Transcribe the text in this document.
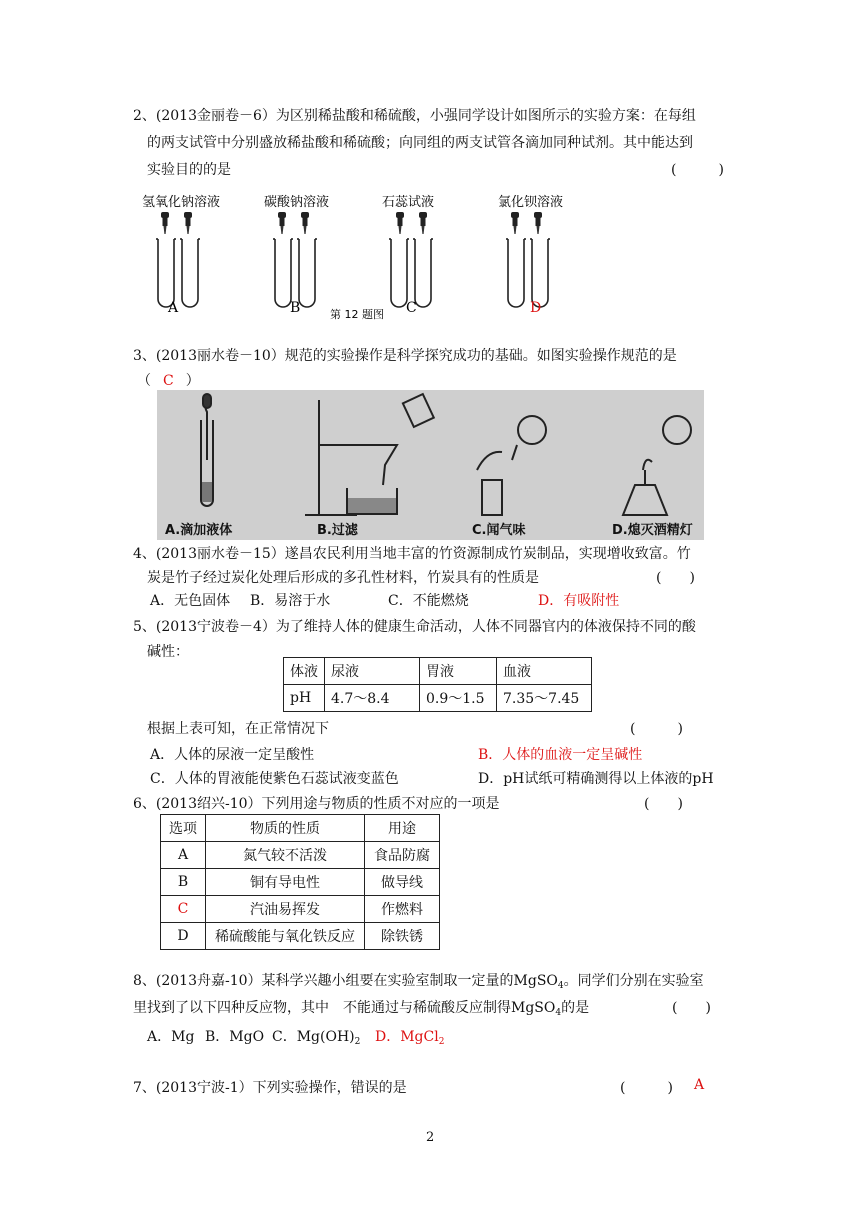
2、(2013金丽卷－6）为区别稀盐酸和稀硫酸，小强同学设计如图所示的实验方案：在每组
的两支试管中分别盛放稀盐酸和稀硫酸；向同组的两支试管各滴加同种试剂。其中能达到
实验目的的是	(　　　)
氢氧化钠溶液	碳酸钠溶液	石蕊试液	氯化钡溶液
A	B	C	D
第 12 题图
3、(2013丽水卷－10）规范的实验操作是科学探究成功的基础。如图实验操作规范的是
（ C ）
A.滴加液体	B.过滤	C.闻气味	D.熄灭酒精灯
4、(2013丽水卷－15）遂昌农民利用当地丰富的竹资源制成竹炭制品，实现增收致富。竹
炭是竹子经过炭化处理后形成的多孔性材料，竹炭具有的性质是	(　　)
A．无色固体 B．易溶于水	C．不能燃烧	D．有吸附性
5、(2013宁波卷－4）为了维持人体的健康生命活动，人体不同器官内的体液保持不同的酸
碱性：
体液	尿液	胃液	血液
pH	4.7～8.4	0.9～1.5	7.35～7.45
根据上表可知，在正常情况下	(　　　)
A．人体的尿液一定呈酸性	B．人体的血液一定呈碱性
C．人体的胃液能使紫色石蕊试液变蓝色	D．pH试纸可精确测得以上体液的pH
6、(2013绍兴-10）下列用途与物质的性质不对应的一项是	(　　)
选项	物质的性质	用途
A	氮气较不活泼	食品防腐
B	铜有导电性	做导线
C	汽油易挥发	作燃料
D	稀硫酸能与氧化铁反应	除铁锈
8、(2013舟嘉-10）某科学兴趣小组要在实验室制取一定量的MgSO$_4$。同学们分别在实验室
里找到了以下四种反应物，其中　不能通过与稀硫酸反应制得MgSO$_4$的是	(　　)
A．Mg B．MgO C．$Mg(OH)_2$ D．MgCl$_2$
7、(2013宁波-1）下列实验操作，错误的是	(　　　) A
2
